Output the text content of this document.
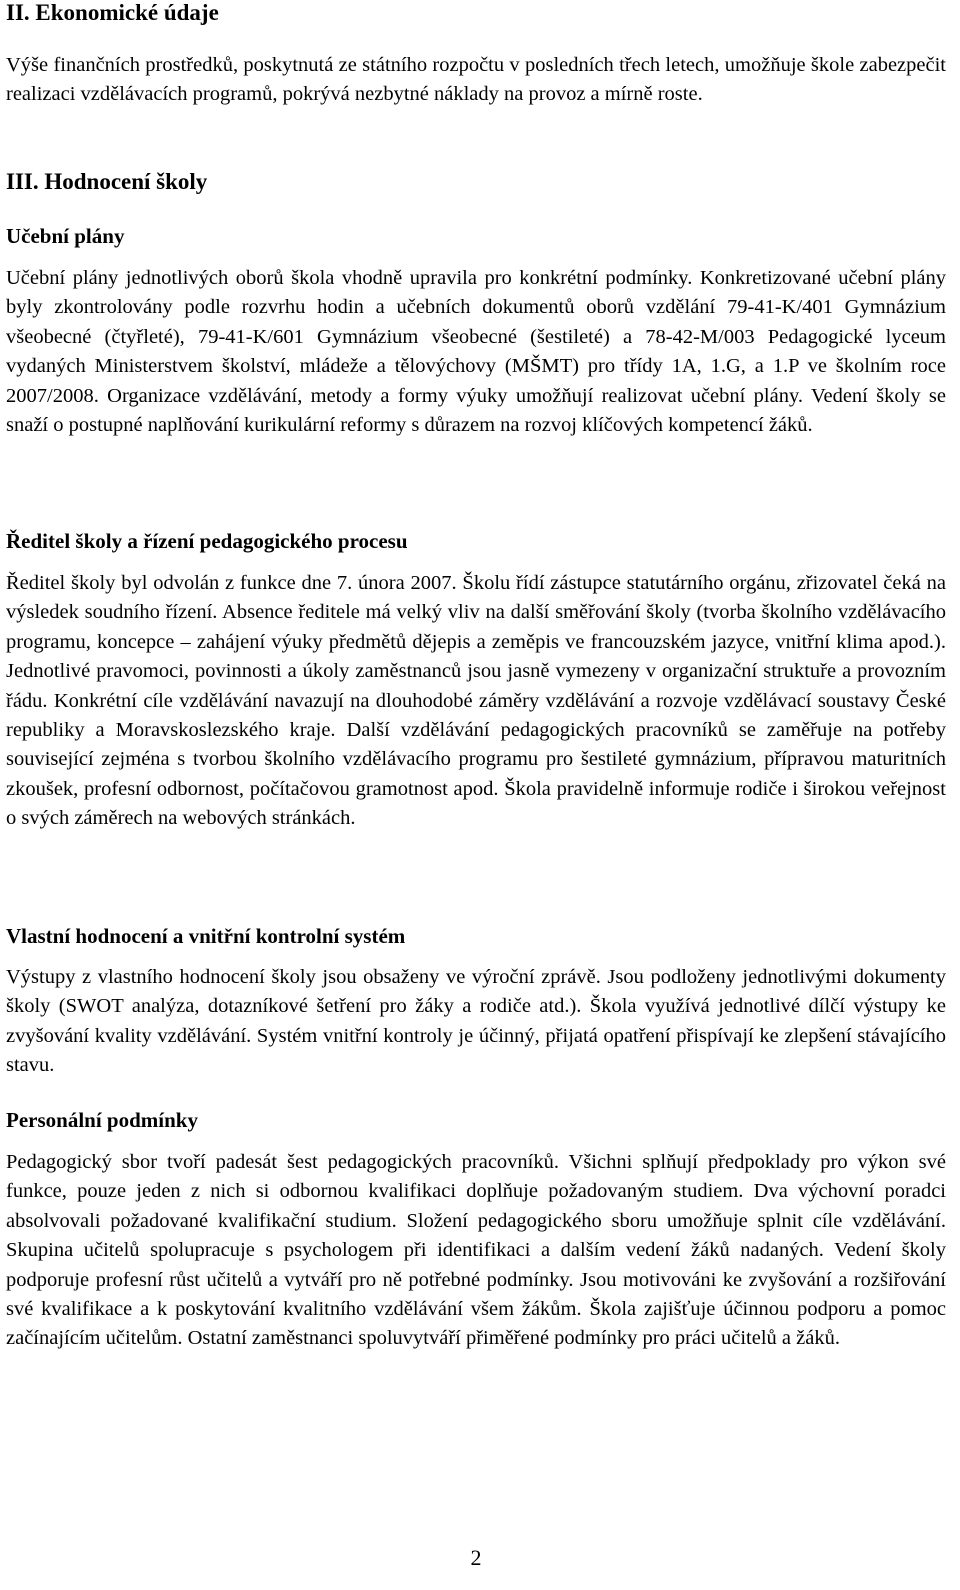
II. Ekonomické údaje
Výše finančních prostředků, poskytnutá ze státního rozpočtu v posledních třech letech, umožňuje škole zabezpečit realizaci vzdělávacích programů, pokrývá nezbytné náklady na provoz a mírně roste.
III. Hodnocení školy
Učební plány
Učební plány jednotlivých oborů škola vhodně upravila pro konkrétní podmínky. Konkretizované učební plány byly zkontrolovány podle rozvrhu hodin a učebních dokumentů oborů vzdělání 79-41-K/401 Gymnázium všeobecné (čtyřleté), 79-41-K/601 Gymnázium všeobecné (šestileté) a 78-42-M/003 Pedagogické lyceum vydaných Ministerstvem školství, mládeže a tělovýchovy (MŠMT) pro třídy 1A, 1.G, a 1.P ve školním roce 2007/2008. Organizace vzdělávání, metody a formy výuky umožňují realizovat učební plány. Vedení školy se snaží o postupné naplňování kurikulární reformy s důrazem na rozvoj klíčových kompetencí žáků.
Ředitel školy a řízení pedagogického procesu
Ředitel školy byl odvolán z funkce dne 7. února 2007. Školu řídí zástupce statutárního orgánu, zřizovatel čeká na výsledek soudního řízení. Absence ředitele má velký vliv na další směřování školy (tvorba školního vzdělávacího programu, koncepce – zahájení výuky předmětů dějepis a zeměpis ve francouzském jazyce, vnitřní klima apod.). Jednotlivé pravomoci, povinnosti a úkoly zaměstnanců jsou jasně vymezeny v organizační struktuře a provozním řádu. Konkrétní cíle vzdělávání navazují na dlouhodobé záměry vzdělávání a rozvoje vzdělávací soustavy České republiky a Moravskoslezského kraje. Další vzdělávání pedagogických pracovníků se zaměřuje na potřeby související zejména s tvorbou školního vzdělávacího programu pro šestileté gymnázium, přípravou maturitních zkoušek, profesní odbornost, počítačovou gramotnost apod. Škola pravidelně informuje rodiče i širokou veřejnost o svých záměrech na webových stránkách.
Vlastní hodnocení a vnitřní kontrolní systém
Výstupy z vlastního hodnocení školy jsou obsaženy ve výroční zprávě. Jsou podloženy jednotlivými dokumenty školy (SWOT analýza, dotazníkové šetření pro žáky a rodiče atd.). Škola využívá jednotlivé dílčí výstupy ke zvyšování kvality vzdělávání. Systém vnitřní kontroly je účinný, přijatá opatření přispívají ke zlepšení stávajícího stavu.
Personální podmínky
Pedagogický sbor tvoří padesát šest pedagogických pracovníků. Všichni splňují předpoklady pro výkon své funkce, pouze jeden z nich si odbornou kvalifikaci doplňuje požadovaným studiem. Dva výchovní poradci absolvovali požadované kvalifikační studium. Složení pedagogického sboru umožňuje splnit cíle vzdělávání. Skupina učitelů spolupracuje s psychologem při identifikaci a dalším vedení žáků nadaných. Vedení školy podporuje profesní růst učitelů a vytváří pro ně potřebné podmínky. Jsou motivováni ke zvyšování a rozšiřování své kvalifikace a k poskytování kvalitního vzdělávání všem žákům. Škola zajišťuje účinnou podporu a pomoc začínajícím učitelům. Ostatní zaměstnanci spoluvytváří přiměřené podmínky pro práci učitelů a žáků.
2
